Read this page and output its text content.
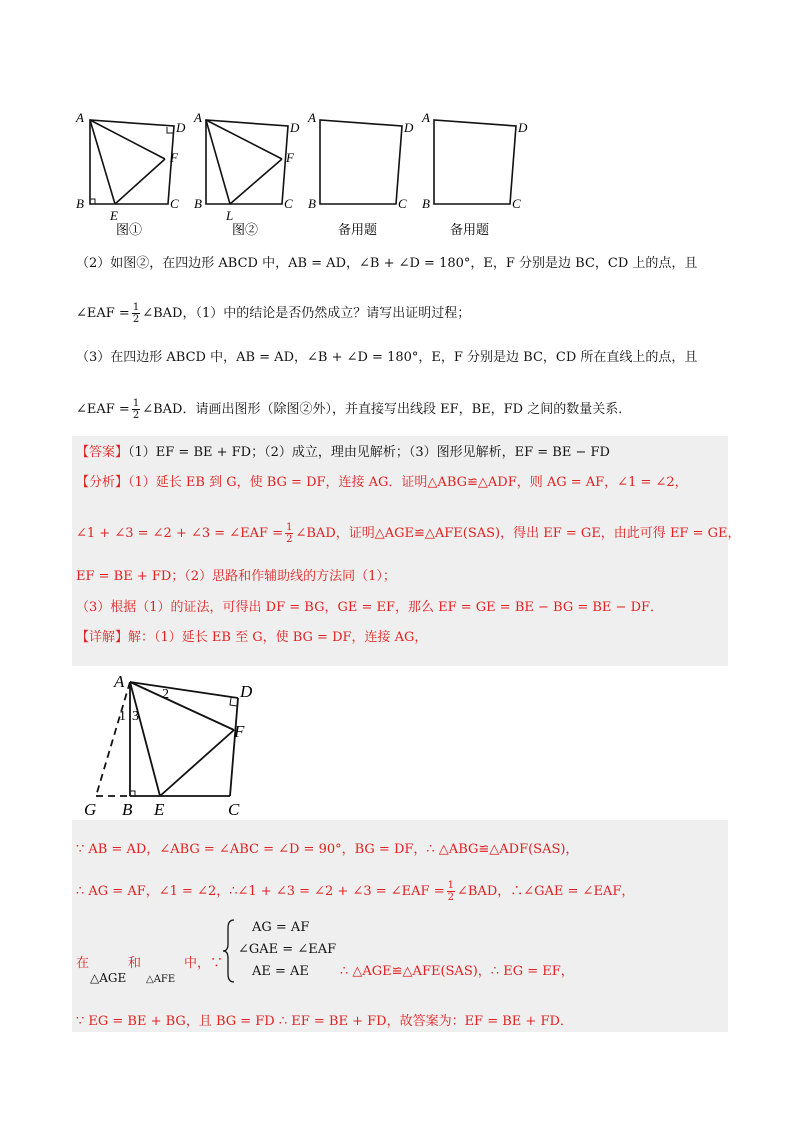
A
D
F
B
E
C
图①
A
D
F
B
L
C
图②
A
D
B	C
备用题
A
D
B	C
备用题
（2）如图②，在四边形 ABCD 中，AB = AD，∠B + ∠D = 180°，E，F 分别是边 BC，CD 上的点，且
∠EAF = $\frac{1}{2}$ ∠BAD，（1）中的结论是否仍然成立？请写出证明过程；
（3）在四边形 ABCD 中，AB = AD，∠B + ∠D = 180°，E，F 分别是边 BC，CD 所在直线上的点，且
∠EAF = $\frac{1}{2}$ ∠BAD．请画出图形（除图②外），并直接写出线段 EF，BE，FD 之间的数量关系．
【答案】（1）EF = BE + FD；（2）成立，理由见解析；（3）图形见解析，EF = BE − FD
【分析】（1）延长 EB 到 G，使 BG = DF，连接 AG．证明△ABG≌△ADF，则 AG = AF，∠1 = ∠2，
∠1 + ∠3 = ∠2 + ∠3 = ∠EAF = $\frac{1}{2}$ ∠BAD，证明△AGE≌△AFE(SAS)，得出 EF = GE，由此可得 EF = GE，
EF = BE + FD；（2）思路和作辅助线的方法同（1）；
（3）根据（1）的证法，可得出 DF = BG，GE = EF，那么 EF = GE = BE − BG = BE − DF．
【详解】解：（1）延长 EB 至 G，使 BG = DF，连接 AG，
A
D
F
G B E	C
2
1 3
∵ AB = AD，∠ABG = ∠ABC = ∠D = 90°，BG = DF，∴ △ABG≌△ADF(SAS)，
∴ AG = AF，∠1 = ∠2，∴∠1 + ∠3 = ∠2 + ∠3 = ∠EAF = $\frac{1}{2}$ ∠BAD，∴∠GAE = ∠EAF，
在	和	中，∵
△AGE △AFE
AG = AF
∠GAE = ∠EAF
AE = AE ∴ △AGE≌△AFE(SAS)，∴ EG = EF，
∵ EG = BE + BG，且 BG = FD ∴ EF = BE + FD，故答案为：EF = BE + FD．
